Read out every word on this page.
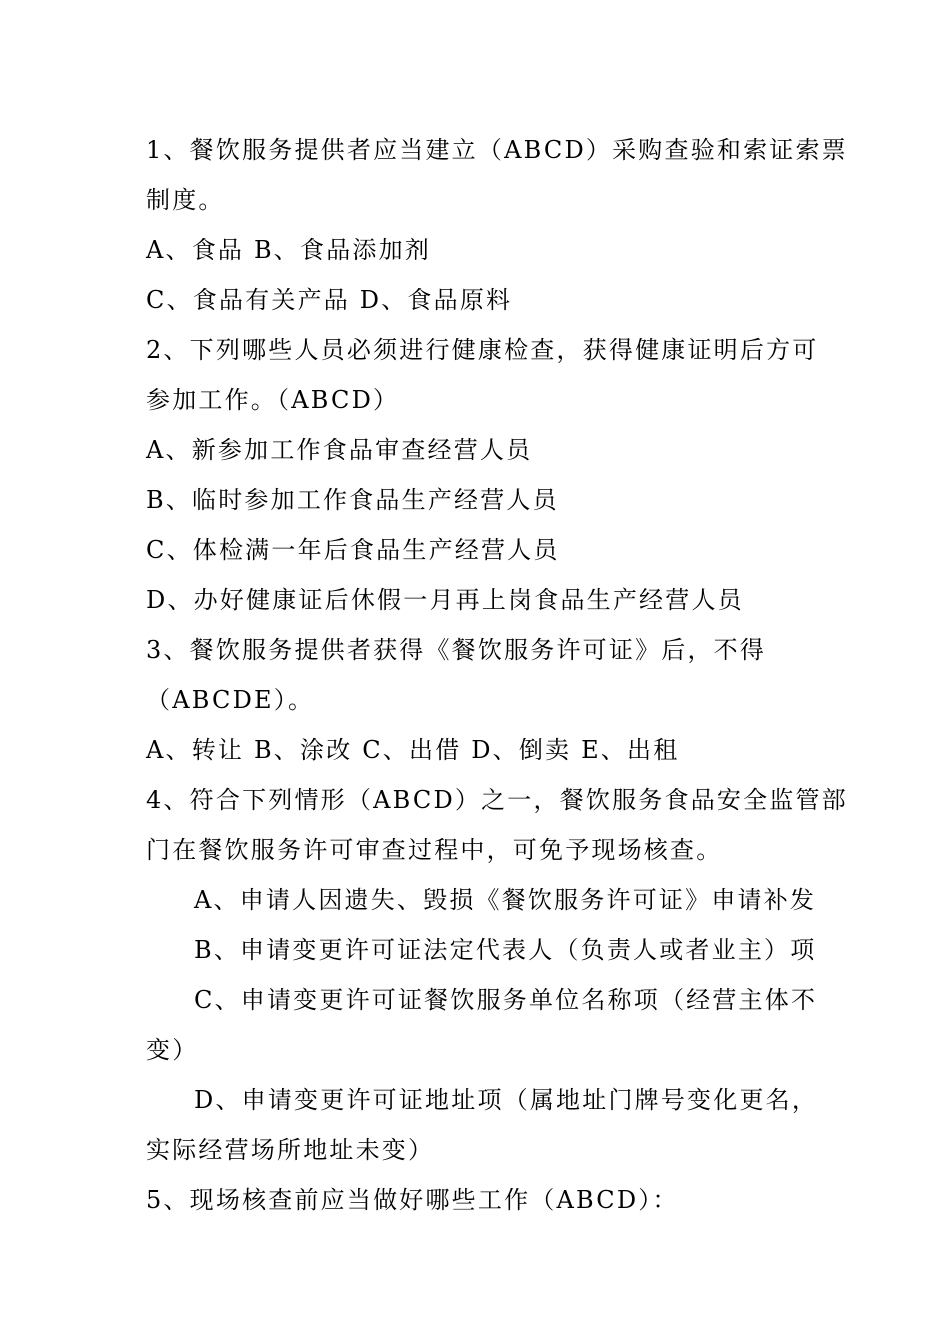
1、餐饮服务提供者应当建立（ABCD）采购查验和索证索票
制度。
A、食品 B、食品添加剂
C、食品有关产品 D、食品原料
2、下列哪些人员必须进行健康检查，获得健康证明后方可
参加工作。（ABCD）
A、新参加工作食品审查经营人员
B、临时参加工作食品生产经营人员
C、体检满一年后食品生产经营人员
D、办好健康证后休假一月再上岗食品生产经营人员
3、餐饮服务提供者获得《餐饮服务许可证》后，不得
（ABCDE）。
A、转让 B、涂改 C、出借 D、倒卖 E、出租
4、符合下列情形（ABCD）之一，餐饮服务食品安全监管部
门在餐饮服务许可审查过程中，可免予现场核查。
A、申请人因遗失、毁损《餐饮服务许可证》申请补发
B、申请变更许可证法定代表人（负责人或者业主）项
C、申请变更许可证餐饮服务单位名称项（经营主体不
变）
D、申请变更许可证地址项（属地址门牌号变化更名，
实际经营场所地址未变）
5、现场核查前应当做好哪些工作（ABCD）：
